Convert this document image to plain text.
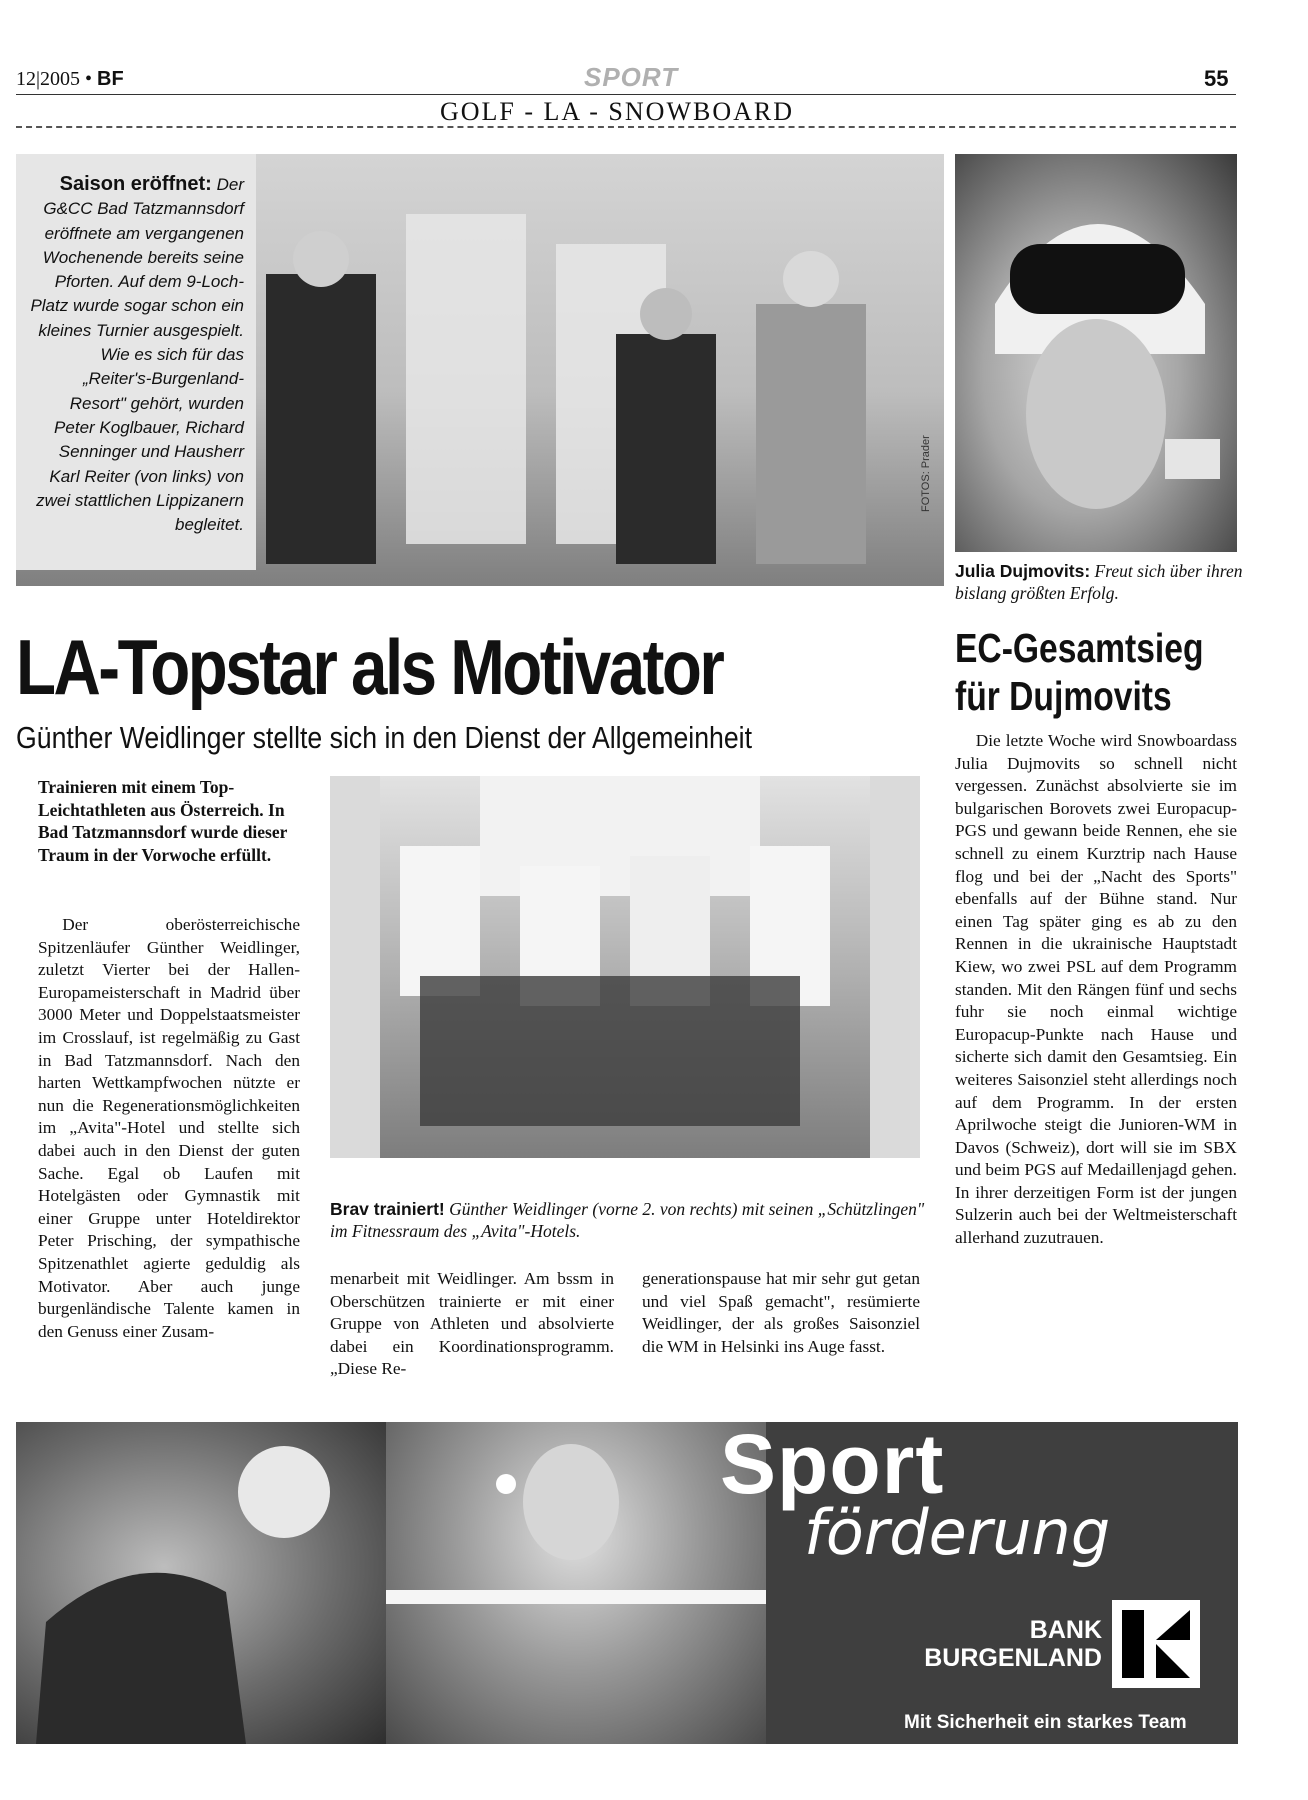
12|2005 • BF	SPORT	55
GOLF - LA - SNOWBOARD
Saison eröffnet: Der G&CC Bad Tatzmannsdorf eröffnete am vergangenen Wochenende bereits seine Pforten. Auf dem 9-Loch-Platz wurde sogar schon ein kleines Turnier ausgespielt. Wie es sich für das „Reiter's-Burgenland-Resort" gehört, wurden Peter Koglbauer, Richard Senninger und Hausherr Karl Reiter (von links) von zwei stattlichen Lippizanern begleitet.
FOTOS: Prader
Julia Dujmovits: Freut sich über ihren bislang größten Erfolg.
LA-Topstar als Motivator
Günther Weidlinger stellte sich in den Dienst der Allgemeinheit
EC-Gesamtsieg für Dujmovits
Trainieren mit einem Top-Leichtathleten aus Österreich. In Bad Tatzmannsdorf wurde dieser Traum in der Vorwoche erfüllt.
Der oberösterreichische Spitzenläufer Günther Weidlinger, zuletzt Vierter bei der Hallen-Europameisterschaft in Madrid über 3000 Meter und Doppelstaatsmeister im Crosslauf, ist regelmäßig zu Gast in Bad Tatzmannsdorf. Nach den harten Wettkampfwochen nützte er nun die Regenerationsmöglichkeiten im „Avita"-Hotel und stellte sich dabei auch in den Dienst der guten Sache. Egal ob Laufen mit Hotelgästen oder Gymnastik mit einer Gruppe unter Hoteldirektor Peter Prisching, der sympathische Spitzenathlet agierte geduldig als Motivator. Aber auch junge burgenländische Talente kamen in den Genuss einer Zusam-
Brav trainiert! Günther Weidlinger (vorne 2. von rechts) mit seinen „Schützlingen" im Fitnessraum des „Avita"-Hotels.
menarbeit mit Weidlinger. Am bssm in Oberschützen trainierte er mit einer Gruppe von Athleten und absolvierte dabei ein Koordinationsprogramm. „Diese Re-
generationspause hat mir sehr gut getan und viel Spaß gemacht", resümierte Weidlinger, der als großes Saisonziel die WM in Helsinki ins Auge fasst.
Die letzte Woche wird Snowboardass Julia Dujmovits so schnell nicht vergessen. Zunächst absolvierte sie im bulgarischen Borovets zwei Europacup-PGS und gewann beide Rennen, ehe sie schnell zu einem Kurztrip nach Hause flog und bei der „Nacht des Sports" ebenfalls auf der Bühne stand. Nur einen Tag später ging es ab zu den Rennen in die ukrainische Hauptstadt Kiew, wo zwei PSL auf dem Programm standen. Mit den Rängen fünf und sechs fuhr sie noch einmal wichtige Europacup-Punkte nach Hause und sicherte sich damit den Gesamtsieg. Ein weiteres Saisonziel steht allerdings noch auf dem Programm. In der ersten Aprilwoche steigt die Junioren-WM in Davos (Schweiz), dort will sie im SBX und beim PGS auf Medaillenjagd gehen. In ihrer derzeitigen Form ist der jungen Sulzerin auch bei der Weltmeisterschaft allerhand zuzutrauen.
Sport
förderung
BANK
BURGENLAND
Mit Sicherheit ein starkes Team
